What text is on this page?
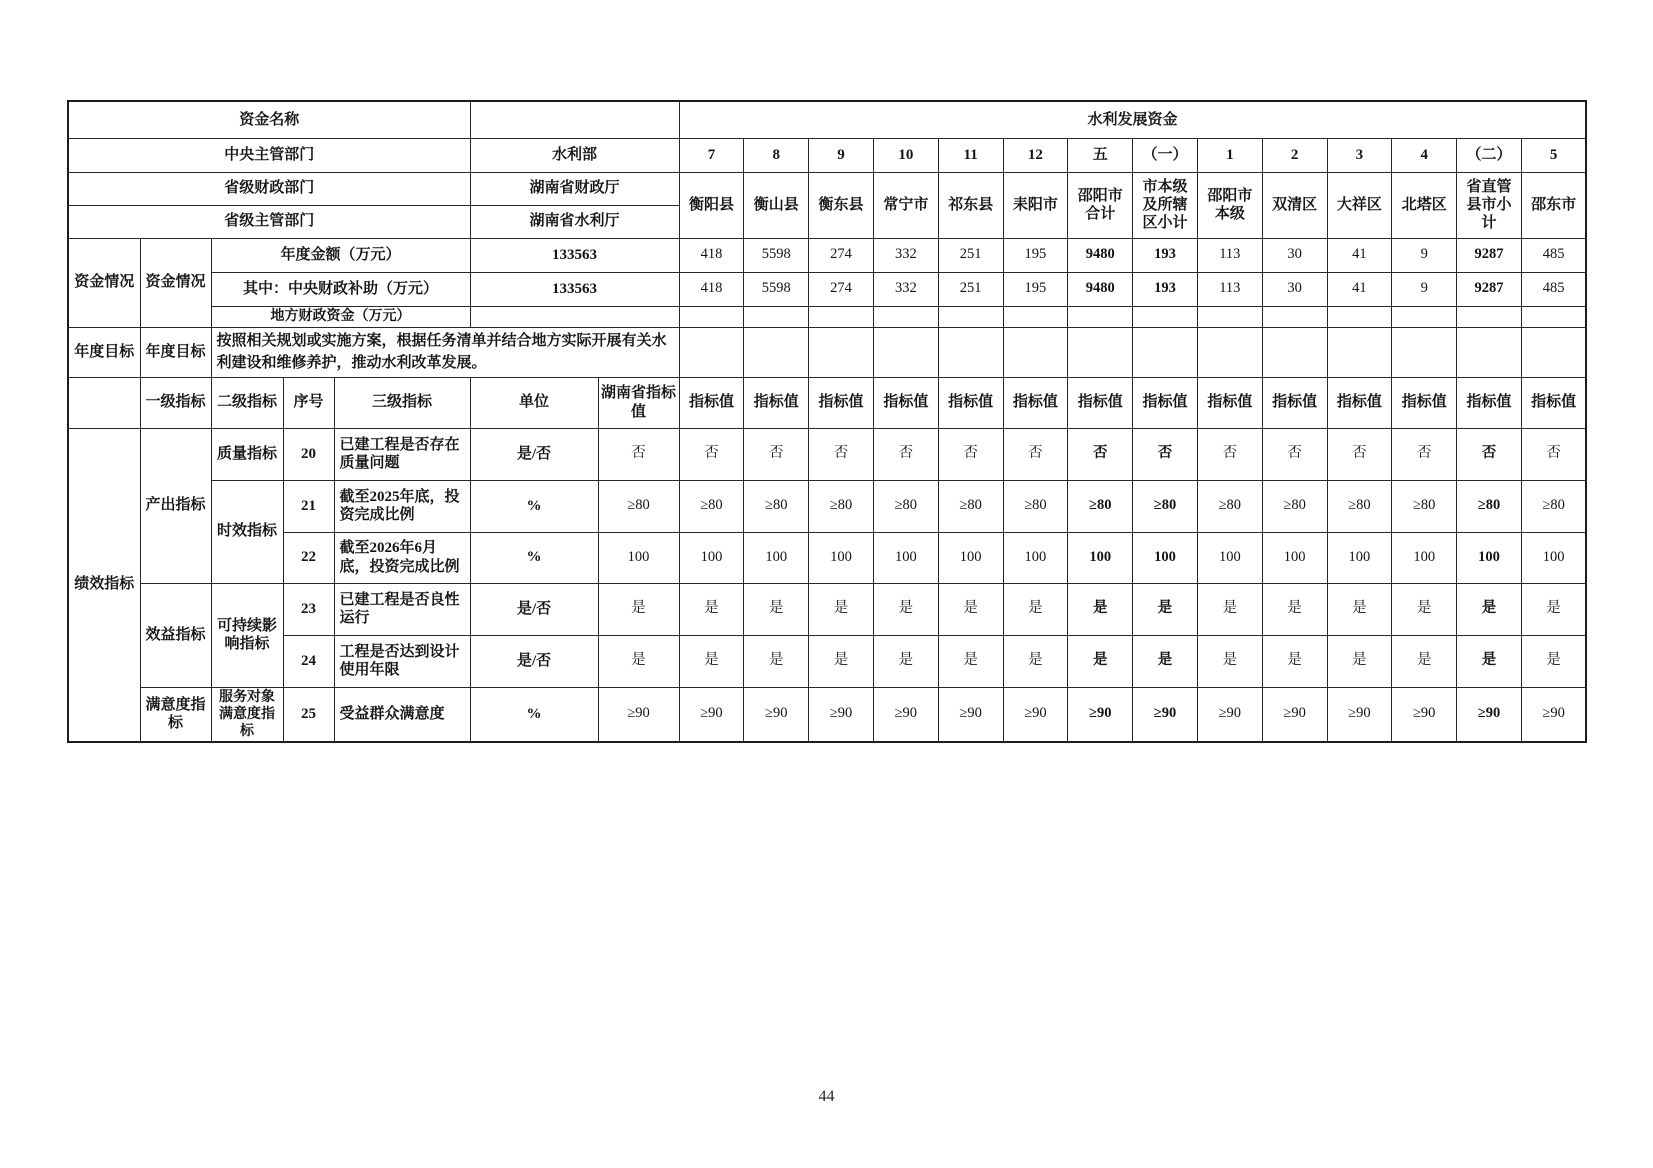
资金名称							水利发展资金													
中央主管部门					水利部		7	8	9	10	11	12	五	（一）	1	2	3	4	（二）	5
省级财政部门					湖南省财政厅		衡阳县	衡山县	衡东县	常宁市	祁东县	耒阳市	邵阳市合计	市本级及所辖区小计	邵阳市本级	双清区	大祥区	北塔区	省直管县市小计	邵东市
省级主管部门					湖南省水利厅															
资金情况	资金情况	年度金额（万元）			133563		418	5598	274	332	251	195	9480	193	113	30	41	9	9287	485
		其中：中央财政补助（万元）			133563		418	5598	274	332	251	195	9480	193	113	30	41	9	9287	485
		地方财政资金（万元）																		
年度目标	年度目标	按照相关规划或实施方案，根据任务清单并结合地方实际开展有关水利建设和维修养护，推动水利改革发展。																		
	一级指标	二级指标	序号	三级指标	单位	湖南省指标值	指标值	指标值	指标值	指标值	指标值	指标值	指标值	指标值	指标值	指标值	指标值	指标值	指标值	指标值
绩效指标	产出指标	质量指标	20	已建工程是否存在质量问题	是/否	否	否	否	否	否	否	否	否	否	否	否	否	否	否	否
		时效指标	21	截至2025年底，投资完成比例	%	≥80	≥80	≥80	≥80	≥80	≥80	≥80	≥80	≥80	≥80	≥80	≥80	≥80	≥80	≥80
			22	截至2026年6月底，投资完成比例	%	100	100	100	100	100	100	100	100	100	100	100	100	100	100	100
	效益指标	可持续影响指标	23	已建工程是否良性运行	是/否	是	是	是	是	是	是	是	是	是	是	是	是	是	是	是
			24	工程是否达到设计使用年限	是/否	是	是	是	是	是	是	是	是	是	是	是	是	是	是	是
	满意度指标	服务对象满意度指标	25	受益群众满意度	%	≥90	≥90	≥90	≥90	≥90	≥90	≥90	≥90	≥90	≥90	≥90	≥90	≥90	≥90	≥90
44
